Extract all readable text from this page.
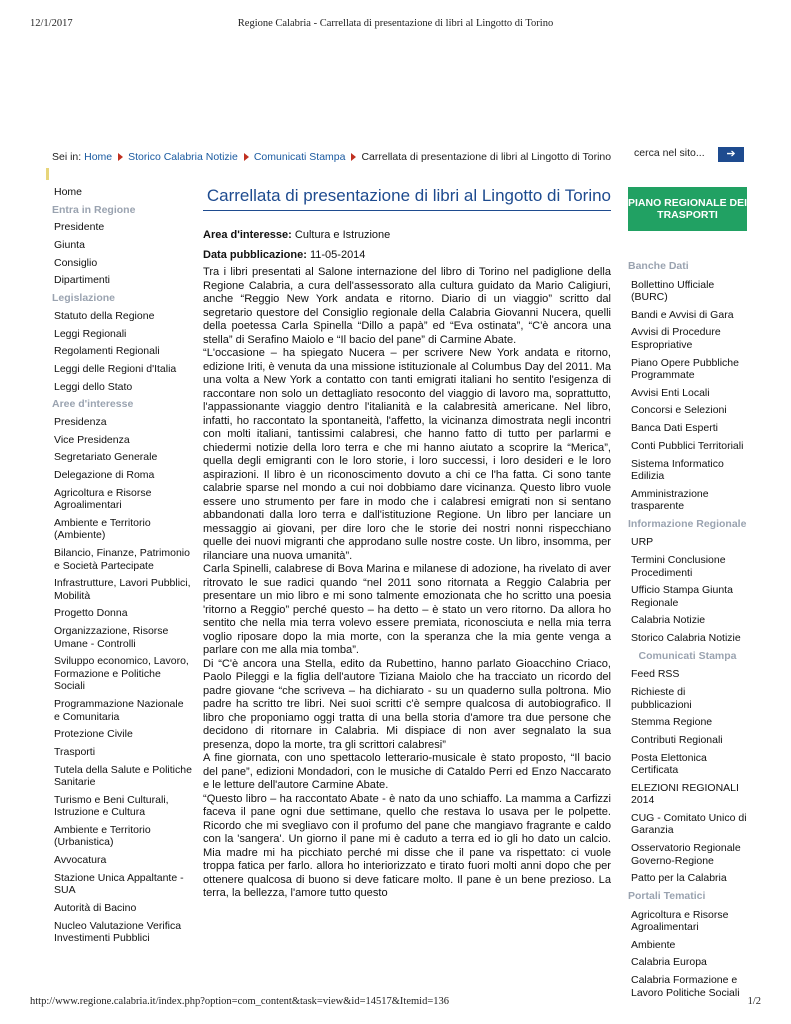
12/1/2017	Regione Calabria - Carrellata di presentazione di libri al Lingotto di Torino
Sei in: Home Storico Calabria Notizie Comunicati Stampa Carrellata di presentazione di libri al Lingotto di Torino cerca nel sito...	➔
Home
Entra in Regione
Presidente
Giunta
Consiglio
Dipartimenti
Legislazione
Statuto della Regione
Leggi Regionali
Regolamenti Regionali
Leggi delle Regioni d'Italia
Leggi dello Stato
Aree d'interesse
Presidenza
Vice Presidenza
Segretariato Generale
Delegazione di Roma
Agricoltura e Risorse Agroalimentari
Ambiente e Territorio (Ambiente)
Bilancio, Finanze, Patrimonio e Società Partecipate
Infrastrutture, Lavori Pubblici, Mobilità
Progetto Donna
Organizzazione, Risorse Umane - Controlli
Sviluppo economico, Lavoro, Formazione e Politiche Sociali
Programmazione Nazionale e Comunitaria
Protezione Civile
Trasporti
Tutela della Salute e Politiche Sanitarie
Turismo e Beni Culturali, Istruzione e Cultura
Ambiente e Territorio (Urbanistica)
Avvocatura
Stazione Unica Appaltante - SUA
Autorità di Bacino
Nucleo Valutazione Verifica Investimenti Pubblici
Carrellata di presentazione di libri al Lingotto di Torino
Area d'interesse: Cultura e Istruzione
Data pubblicazione: 11-05-2014

Tra i libri presentati al Salone internazione del libro di Torino nel padiglione della Regione Calabria, a cura dell'assessorato alla cultura guidato da Mario Caligiuri, anche “Reggio New York andata e ritorno. Diario di un viaggio” scritto dal segretario questore del Consiglio regionale della Calabria Giovanni Nucera, quelli della poetessa Carla Spinella “Dillo a papà” ed “Eva ostinata”, “C'è ancora una stella” di Serafino Maiolo e “Il bacio del pane” di Carmine Abate.

“L'occasione – ha spiegato Nucera – per scrivere New York andata e ritorno, edizione Iriti, è venuta da una missione istituzionale al Columbus Day del 2011. Ma una volta a New York a contatto con tanti emigrati italiani ho sentito l'esigenza di raccontare non solo un dettagliato resoconto del viaggio di lavoro ma, soprattutto, l'appassionante viaggio dentro l'italianità e la calabresità americane. Nel libro, infatti, ho raccontato la spontaneità, l'affetto, la vicinanza dimostrata negli incontri con molti italiani, tantissimi calabresi, che hanno fatto di tutto per parlarmi e chiedermi notizie della loro terra e che mi hanno aiutato a scoprire la “Merica”, quella degli emigranti con le loro storie, i loro successi, i loro desideri e le loro aspirazioni. Il libro è un riconoscimento dovuto a chi ce l'ha fatta. Ci sono tante calabrie sparse nel mondo a cui noi dobbiamo dare vicinanza. Questo libro vuole essere uno strumento per fare in modo che i calabresi emigrati non si sentano abbandonati dalla loro terra e dall'istituzione Regione. Un libro per lanciare un messaggio ai giovani, per dire loro che le storie dei nostri nonni rispecchiano quelle dei nuovi migranti che approdano sulle nostre coste. Un libro, insomma, per rilanciare una nuova umanità”.

Carla Spinelli, calabrese di Bova Marina e milanese di adozione, ha rivelato di aver ritrovato le sue radici quando “nel 2011 sono ritornata a Reggio Calabria per presentare un mio libro e mi sono talmente emozionata che ho scritto una poesia 'ritorno a Reggio” perché questo – ha detto – è stato un vero ritorno. Da allora ho sentito che nella mia terra volevo essere premiata, riconosciuta e nella mia terra voglio riposare dopo la mia morte, con la speranza che la mia gente venga a parlare con me alla mia tomba”.

Di “C'è ancora una Stella, edito da Rubettino, hanno parlato Gioacchino Criaco, Paolo Pileggi e la figlia dell'autore Tiziana Maiolo che ha tracciato un ricordo del padre giovane “che scriveva – ha dichiarato - su un quaderno sulla poltrona. Mio padre ha scritto tre libri. Nei suoi scritti c'è sempre qualcosa di autobiografico. Il libro che proponiamo oggi tratta di una bella storia d'amore tra due persone che decidono di ritornare in Calabria. Mi dispiace di non aver segnalato la sua presenza, dopo la morte, tra gli scrittori calabresi”

A fine giornata, con uno spettacolo letterario-musicale è stato proposto, “Il bacio del pane”, edizioni Mondadori, con le musiche di Cataldo Perri ed Enzo Naccarato e le letture dell'autore Carmine Abate.

“Questo libro – ha raccontato Abate - è nato da uno schiaffo. La mamma a Carfizzi faceva il pane ogni due settimane, quello che restava lo usava per le polpette. Ricordo che mi svegliavo con il profumo del pane che mangiavo fragrante e caldo con la 'sangera'. Un giorno il pane mi è caduto a terra ed io gli ho dato un calcio. Mia madre mi ha picchiato perché mi disse che il pane va rispettato: ci vuole troppa fatica per farlo. allora ho interiorizzato e tirato fuori molti anni dopo che per ottenere qualcosa di buono si deve faticare molto. Il pane è un bene prezioso. La terra, la bellezza, l'amore tutto questo

PIANO REGIONALE DEI TRASPORTI
Banche Dati
Bollettino Ufficiale (BURC)
Bandi e Avvisi di Gara
Avvisi di Procedure Espropriative
Piano Opere Pubbliche Programmate
Avvisi Enti Locali
Concorsi e Selezioni
Banca Dati Esperti
Conti Pubblici Territoriali
Sistema Informatico Edilizia
Amministrazione trasparente
Informazione Regionale
URP
Termini Conclusione Procedimenti
Ufficio Stampa Giunta Regionale
Calabria Notizie
Storico Calabria Notizie
Comunicati Stampa
Feed RSS
Richieste di pubblicazioni
Stemma Regione
Contributi Regionali
Posta Elettonica Certificata
ELEZIONI REGIONALI 2014
CUG - Comitato Unico di Garanzia
Osservatorio Regionale Governo-Regione
Patto per la Calabria
Portali Tematici
Agricoltura e Risorse Agroalimentari
Ambiente
Calabria Europa
Calabria Formazione e Lavoro Politiche Sociali
http://www.regione.calabria.it/index.php?option=com_content&task=view&id=14517&Itemid=136	1/2
